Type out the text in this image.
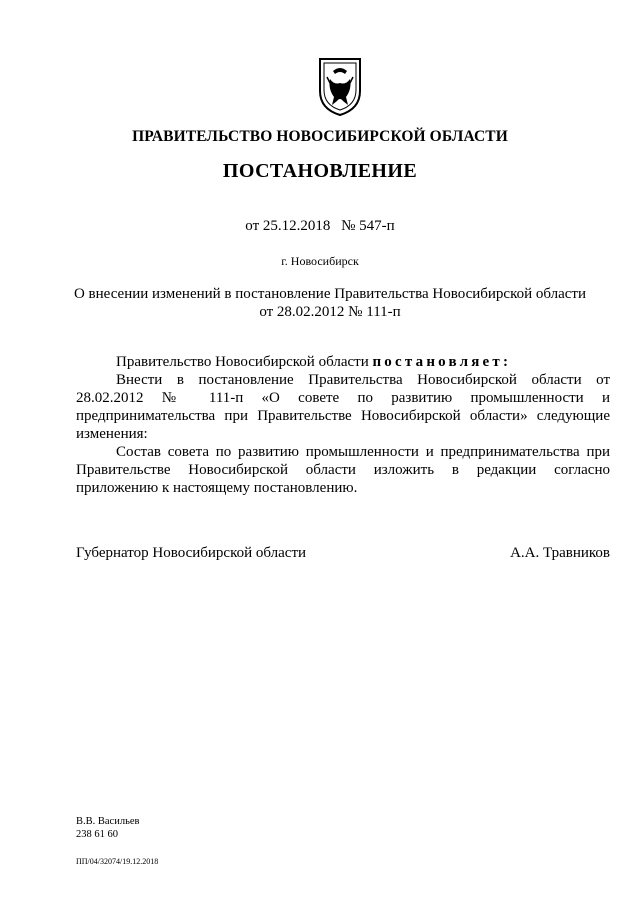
ПРАВИТЕЛЬСТВО НОВОСИБИРСКОЙ ОБЛАСТИ
ПОСТАНОВЛЕНИЕ
от 25.12.2018 № 547-п
г. Новосибирск
О внесении изменений в постановление Правительства Новосибирской области
от 28.02.2012 № 111-п

Правительство Новосибирской области постановляет:

Внести в постановление Правительства Новосибирской области от 28.02.2012 № 111-п «О совете по развитию промышленности и предпринимательства при Правительстве Новосибирской области» следующие изменения:

Состав совета по развитию промышленности и предпринимательства при Правительстве Новосибирской области изложить в редакции согласно приложению к настоящему постановлению.

Губернатор Новосибирской области	А.А. Травников
В.В. Васильев
238 61 60
ПП/04/32074/19.12.2018
